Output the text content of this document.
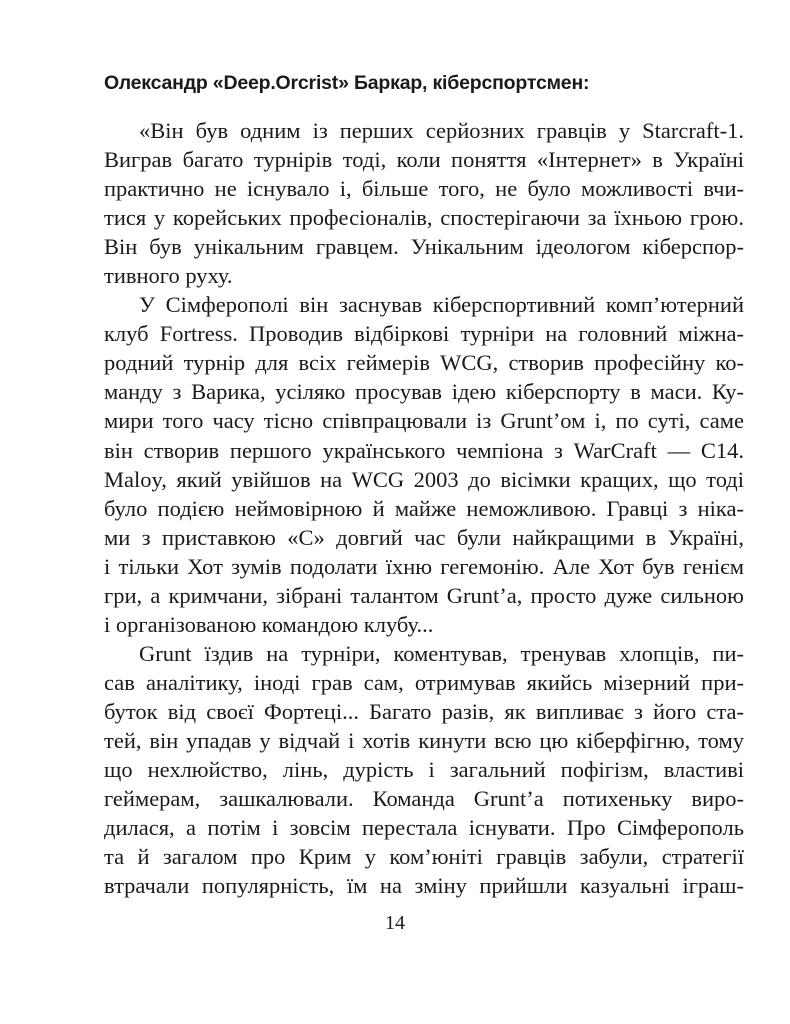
Олександр «Deep.Orcrist» Баркар, кіберспортсмен:
«Він був одним із перших серйозних гравців у Starcraft-1.
Виграв багато турнірів тоді, коли поняття «Інтернет» в Україні
практично не існувало і, більше того, не було можливості вчи-
тися у корейських професіоналів, спостерігаючи за їхньою грою.
Він був унікальним гравцем. Унікальним ідеологом кіберспор-
тивного руху.
У Сімферополі він заснував кіберспортивний комп’ютерний
клуб Fortress. Проводив відбіркові турніри на головний міжна-
родний турнір для всіх геймерів WCG, створив професійну ко-
манду з Варика, усіляко просував ідею кіберспорту в маси. Ку-
мири того часу тісно співпрацювали із Grunt’ом і, по суті, саме
він створив першого українського чемпіона з WarCraft — C14.
Maloy, який увійшов на WCG 2003 до вісімки кращих, що тоді
було подією неймовірною й майже неможливою. Гравці з ніка-
ми з приставкою «С» довгий час були найкращими в Україні,
і тільки Хот зумів подолати їхню гегемонію. Але Хот був генієм
гри, а кримчани, зібрані талантом Grunt’a, просто дуже сильною
і організованою командою клубу...
Grunt їздив на турніри, коментував, тренував хлопців, пи-
сав аналітику, іноді грав сам, отримував якийсь мізерний при-
буток від своєї Фортеці... Багато разів, як випливає з його ста-
тей, він упадав у відчай і хотів кинути всю цю кіберфігню, тому
що нехлюйство, лінь, дурість і загальний пофігізм, властиві
геймерам, зашкалювали. Команда Grunt’a потихеньку виро-
дилася, а потім і зовсім перестала існувати. Про Сімферополь
та й загалом про Крим у ком’юніті гравців забули, стратегії
втрачали популярність, їм на зміну прийшли казуальні іграш-
14
